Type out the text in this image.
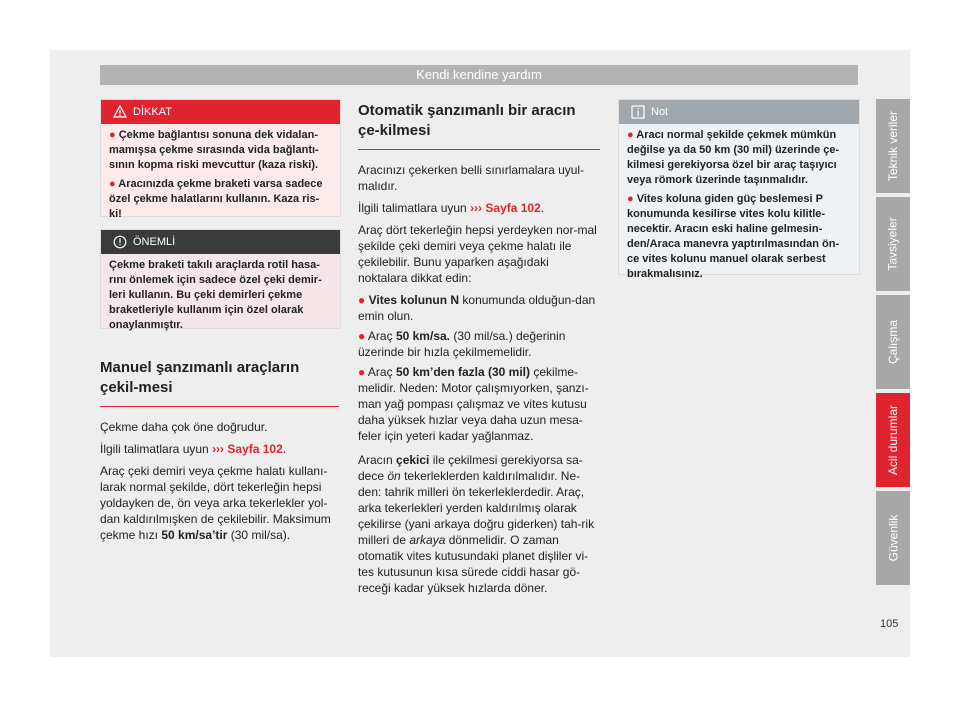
Kendi kendine yardım
Teknik veriler
Tavsiyeler
Çalışma
Acil durumlar
Güvenlik
105
DİKKAT
● Çekme bağlantısı sonuna dek vidalan-mamışsa çekme sırasında vida bağlantı-sının kopma riski mevcuttur (kaza riski).
● Aracınızda çekme braketi varsa sadece özel çekme halatlarını kullanın. Kaza ris-ki!
ÖNEMLİ
Çekme braketi takılı araçlarda rotil hasa-rını önlemek için sadece özel çeki demir-leri kullanın. Bu çeki demirleri çekme braketleriyle kullanım için özel olarak onaylanmıştır.
Manuel şanzımanlı araçların çekil-mesi

Çekme daha çok öne doğrudur.

İlgili talimatlara uyun ››› Sayfa 102.

Araç çeki demiri veya çekme halatı kullanı-larak normal şekilde, dört tekerleğin hepsi yoldayken de, ön veya arka tekerlekler yol-dan kaldırılmışken de çekilebilir. Maksimum çekme hızı 50 km/sa’tir (30 mil/sa).

Otomatik şanzımanlı bir aracın çe-kilmesi

Aracınızı çekerken belli sınırlamalara uyul-malıdır.

İlgili talimatlara uyun ››› Sayfa 102.

Araç dört tekerleğin hepsi yerdeyken nor-mal şekilde çeki demiri veya çekme halatı ile çekilebilir. Bunu yaparken aşağıdaki noktalara dikkat edin:

● Vites kolunun N konumunda olduğun-dan emin olun.
● Araç 50 km/sa. (30 mil/sa.) değerinin üzerinde bir hızla çekilmemelidir.
● Araç 50 km’den fazla (30 mil) çekilme-melidir. Neden: Motor çalışmıyorken, şanzı-man yağ pompası çalışmaz ve vites kutusu daha yüksek hızlar veya daha uzun mesa-feler için yeteri kadar yağlanmaz.

Aracın çekici ile çekilmesi gerekiyorsa sa-dece ön tekerleklerden kaldırılmalıdır. Ne-den: tahrik milleri ön tekerleklerdedir. Araç, arka tekerlekleri yerden kaldırılmış olarak çekilirse (yani arkaya doğru giderken) tah-rik milleri de arkaya dönmelidir. O zaman otomatik vites kutusundaki planet dişliler vi-tes kutusunun kısa sürede ciddi hasar gö-receği kadar yüksek hızlarda döner.

Not
● Aracı normal şekilde çekmek mümkün değilse ya da 50 km (30 mil) üzerinde çe-kilmesi gerekiyorsa özel bir araç taşıyıcı veya römork üzerinde taşınmalıdır.
● Vites koluna giden güç beslemesi P konumunda kesilirse vites kolu kilitle-necektir. Aracın eski haline gelmesin-den/Araca manevra yaptırılmasından ön-ce vites kolunu manuel olarak serbest bırakmalısınız.
